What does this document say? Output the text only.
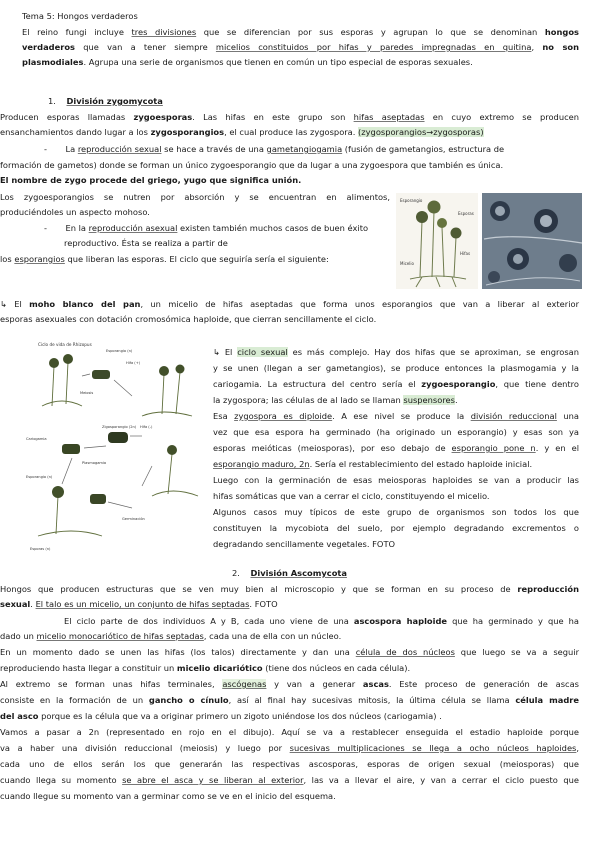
Tema 5: Hongos verdaderos
El reino fungi incluye tres divisiones que se diferencian por sus esporas y agrupan lo que se denominan hongos
verdaderos que van a tener siempre micelios constituidos por hifas y paredes impregnadas en quitina, no son
plasmodiales. Agrupa una serie de organismos que tienen en común un tipo especial de esporas sexuales.
1. División zygomycota
Producen esporas llamadas zygoesporas. Las hifas en este grupo son hifas aseptadas en cuyo extremo se producen
ensanchamientos dando lugar a los zygosporangios, el cual produce las zygospora. (zygosporangios→zygosporas)
- La reproducción sexual se hace a través de una gametangiogamia (fusión de gametangios, estructura de
formación de gametos) donde se forman un único zygoesporangio que da lugar a una zygoespora que también es única.
El nombre de zygo procede del griego, yugo que significa unión.
Los zygoesporangios se nutren por absorción y se encuentran en alimentos,
produciéndoles un aspecto mohoso.
- En la reproducción asexual existen también muchos casos de buen éxito
reproductivo. Ésta se realiza a partir de
los esporangios que liberan las esporas. El ciclo que seguiría sería el siguiente:
Esporangio
Esporas
Hifas
Micelio
↳ El moho blanco del pan, un micelio de hifas aseptadas que forma unos esporangios que van a liberar al exterior
esporas asexuales con dotación cromosómica haploide, que cierran sencillamente el ciclo.
Ciclo de vida de Rhizopus
Esporangio (n)
Meiosis
Hifa (+)
Hifa (-)
Zigosporangio (2n)
Cariogamia
Plasmogamia
Esporangio (n)
Germinación
Esporas (n)
↳ El ciclo sexual es más complejo. Hay dos hifas que se aproximan, se engrosan
y se unen (llegan a ser gametangios), se produce entonces la plasmogamia y la
cariogamia. La estructura del centro sería el zygoesporangio, que tiene dentro
la zygospora; las células de al lado se llaman suspensores.
Esa zygospora es diploide. A ese nivel se produce la división reduccional una
vez que esa espora ha germinado (ha originado un esporangio) y esas son ya
esporas meióticas (meiosporas), por eso debajo de esporangio pone n. y en el
esporangio maduro, 2n. Sería el restablecimiento del estado haploide inicial.
Luego con la germinación de esas meiosporas haploides se van a producir las
hifas somáticas que van a cerrar el ciclo, constituyendo el micelio.
Algunos casos muy típicos de este grupo de organismos son todos los que
constituyen la mycobiota del suelo, por ejemplo degradando excrementos o
degradando sencillamente vegetales. FOTO
2. División Ascomycota
Hongos que producen estructuras que se ven muy bien al microscopio y que se forman en su proceso de reproducción
sexual. El talo es un micelio, un conjunto de hifas septadas. FOTO
El ciclo parte de dos individuos A y B, cada uno viene de una ascospora haploide que ha germinado y que ha
dado un micelio monocariótico de hifas septadas, cada una de ella con un núcleo.
En un momento dado se unen las hifas (los talos) directamente y dan una célula de dos núcleos que luego se va a seguir
reproduciendo hasta llegar a constituir un micelio dicariótico (tiene dos núcleos en cada célula).
Al extremo se forman unas hifas terminales, ascógenas y van a generar ascas. Este proceso de generación de ascas
consiste en la formación de un gancho o cínulo, así al final hay sucesivas mitosis, la última célula se llama célula madre
del asco porque es la célula que va a originar primero un zigoto uniéndose los dos núcleos (cariogamia) .
Vamos a pasar a 2n (representado en rojo en el dibujo). Aquí se va a restablecer enseguida el estadio haploide porque
va a haber una división reduccional (meiosis) y luego por sucesivas multiplicaciones se llega a ocho núcleos haploides,
cada uno de ellos serán los que generarán las respectivas ascosporas, esporas de origen sexual (meiosporas) que
cuando llega su momento se abre el asca y se liberan al exterior, las va a llevar el aire, y van a cerrar el ciclo puesto que
cuando llegue su momento van a germinar como se ve en el inicio del esquema.
